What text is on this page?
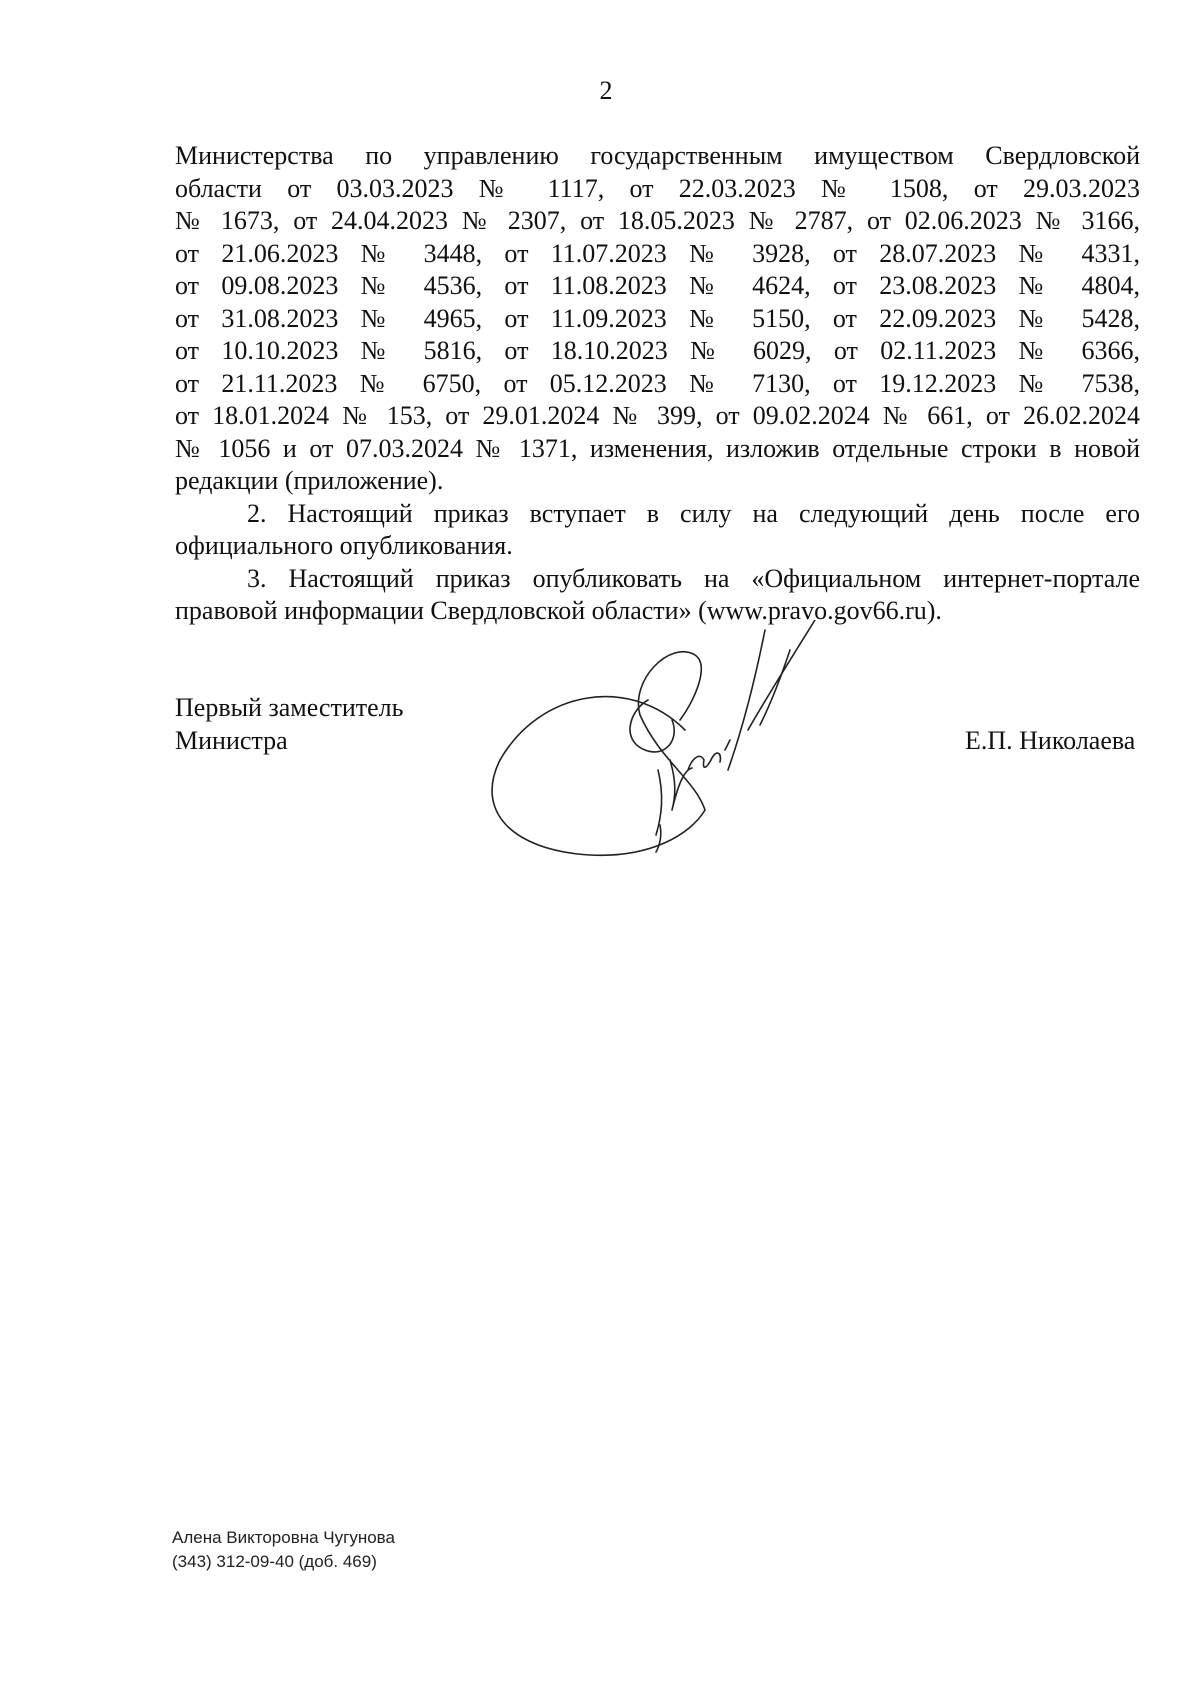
2
Министерства по управлению государственным имуществом Свердловской
области от 03.03.2023 № 1117, от 22.03.2023 № 1508, от 29.03.2023
№ 1673, от 24.04.2023 № 2307, от 18.05.2023 № 2787, от 02.06.2023 № 3166,
от 21.06.2023 № 3448, от 11.07.2023 № 3928, от 28.07.2023 № 4331,
от 09.08.2023 № 4536, от 11.08.2023 № 4624, от 23.08.2023 № 4804,
от 31.08.2023 № 4965, от 11.09.2023 № 5150, от 22.09.2023 № 5428,
от 10.10.2023 № 5816, от 18.10.2023 № 6029, от 02.11.2023 № 6366,
от 21.11.2023 № 6750, от 05.12.2023 № 7130, от 19.12.2023 № 7538,
от 18.01.2024 № 153, от 29.01.2024 № 399, от 09.02.2024 № 661, от 26.02.2024
№ 1056 и от 07.03.2024 № 1371, изменения, изложив отдельные строки в новой
редакции (приложение).
2. Настоящий приказ вступает в силу на следующий день после его
официального опубликования.
3. Настоящий приказ опубликовать на «Официальном интернет-портале
правовой информации Свердловской области» (www.pravo.gov66.ru).
Первый заместитель
Министра	Е.П. Николаева
Алена Викторовна Чугунова
(343) 312-09-40 (доб. 469)
